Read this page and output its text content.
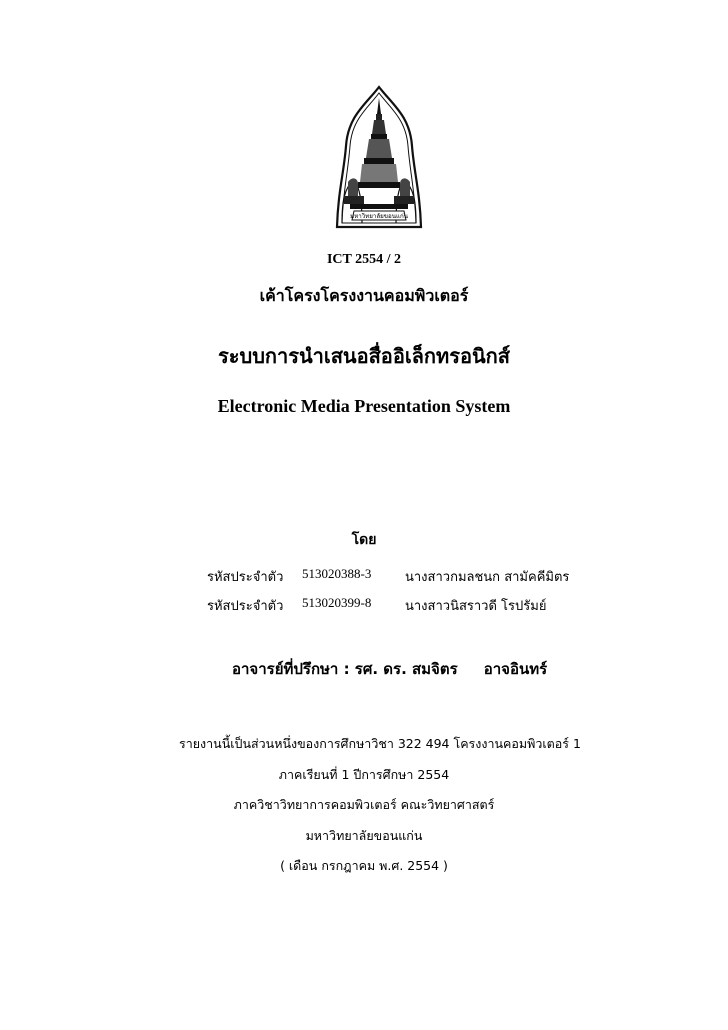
มหาวิทยาลัยขอนแก่น
ICT 2554 / 2
เค้าโครงโครงงานคอมพิวเตอร์
ระบบการนำเสนอสื่ออิเล็กทรอนิกส์
Electronic Media Presentation System
โดย
รหัสประจำตัว 513020388-3	นางสาวกมลชนก สามัคคีมิตร
รหัสประจำตัว 513020399-8	นางสาวนิสราวดี โรปรัมย์
อาจารย์ที่ปรึกษา : รศ. ดร. สมจิตร     อาจอินทร์
รายงานนี้เป็นส่วนหนึ่งของการศึกษาวิชา 322 494 โครงงานคอมพิวเตอร์ 1
ภาคเรียนที่ 1 ปีการศึกษา 2554
ภาควิชาวิทยาการคอมพิวเตอร์ คณะวิทยาศาสตร์
มหาวิทยาลัยขอนแก่น
( เดือน กรกฎาคม พ.ศ. 2554 )
